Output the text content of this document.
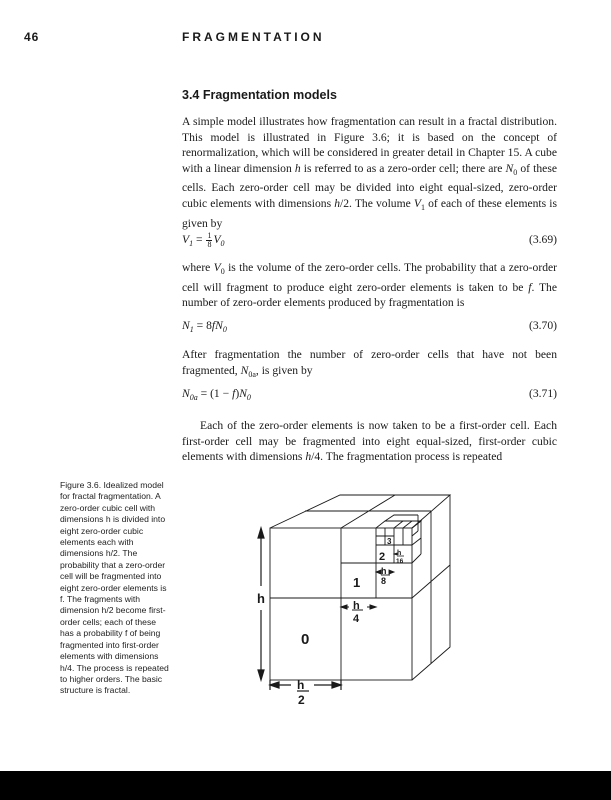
46	FRAGMENTATION
3.4 Fragmentation models
A simple model illustrates how fragmentation can result in a fractal distribution. This model is illustrated in Figure 3.6; it is based on the concept of renormalization, which will be considered in greater detail in Chapter 15. A cube with a linear dimension h is referred to as a zero-order cell; there are $N_0$ of these cells. Each zero-order cell may be divided into eight equal-sized, zero-order cubic elements with dimensions h/2. The volume $V_1$ of each of these elements is given by
$V_1 = \frac{1}{8} V_0$	(3.69)
where $V_0$ is the volume of the zero-order cells. The probability that a zero-order cell will fragment to produce eight zero-order elements is taken to be f. The number of zero-order elements produced by fragmentation is
$N_1 = 8fN_0$	(3.70)
After fragmentation the number of zero-order cells that have not been fragmented, $N_{0a}$, is given by
$N_{0a} = (1 - f)N_0$	(3.71)
Each of the zero-order elements is now taken to be a first-order cell. Each first-order cell may be fragmented into eight equal-sized, first-order cubic elements with dimensions h/4. The fragmentation process is repeated
Figure 3.6. Idealized model for fractal fragmentation. A zero-order cubic cell with dimensions h is divided into eight zero-order cubic elements each with dimensions h/2. The probability that a zero-order cell will be fragmented into eight zero-order elements is f. The fragments with dimension h/2 become first-order cells; each of these has a probability f of being fragmented into first-order elements with dimensions h/4. The process is repeated to higher orders. The basic structure is fractal.
h
h
2
h
4
h
8
h
16
0
1
2
3
